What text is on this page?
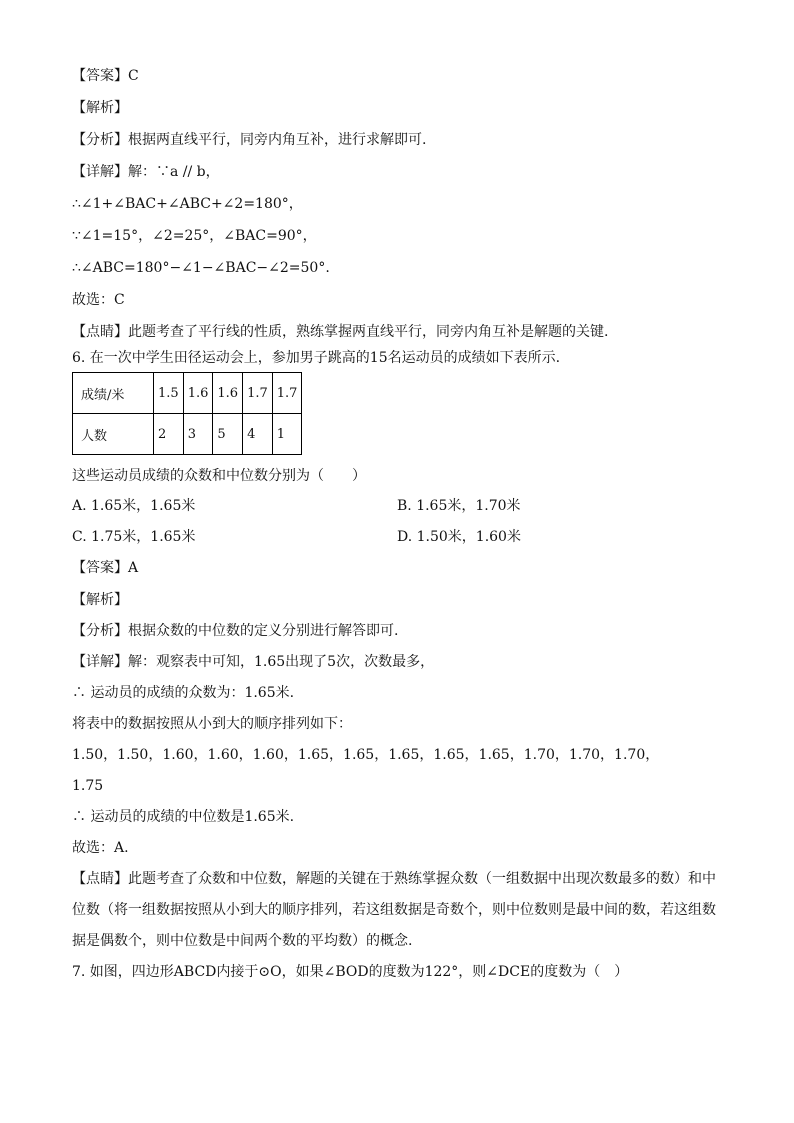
【答案】C
【解析】
【分析】根据两直线平行，同旁内角互补，进行求解即可.
【详解】解：∵a // b，
∴∠1+∠BAC+∠ABC+∠2=180°，
∵∠1=15°，∠2=25°，∠BAC=90°，
∴∠ABC=180°−∠1−∠BAC−∠2=50°.
故选：C
【点睛】此题考查了平行线的性质，熟练掌握两直线平行，同旁内角互补是解题的关键.
6. 在一次中学生田径运动会上，参加男子跳高的15名运动员的成绩如下表所示.
成绩/米	1.5	1.6	1.6	1.7	1.7
人数	2	3	5	4	1
这些运动员成绩的众数和中位数分别为（　　）
A. 1.65米，1.65米	B. 1.65米，1.70米
C. 1.75米，1.65米	D. 1.50米，1.60米
【答案】A
【解析】
【分析】根据众数的中位数的定义分别进行解答即可.
【详解】解：观察表中可知，1.65出现了5次，次数最多，
∴ 运动员的成绩的众数为：1.65米.
将表中的数据按照从小到大的顺序排列如下：
1.50，1.50，1.60，1.60，1.60，1.65，1.65，1.65，1.65，1.65，1.70，1.70，1.70，
1.75
∴ 运动员的成绩的中位数是1.65米.
故选：A.
【点睛】此题考查了众数和中位数，解题的关键在于熟练掌握众数（一组数据中出现次数最多的数）和中
位数（将一组数据按照从小到大的顺序排列，若这组数据是奇数个，则中位数则是最中间的数，若这组数
据是偶数个，则中位数是中间两个数的平均数）的概念.
7. 如图，四边形ABCD内接于⊙O，如果∠BOD的度数为122°，则∠DCE的度数为（　）
